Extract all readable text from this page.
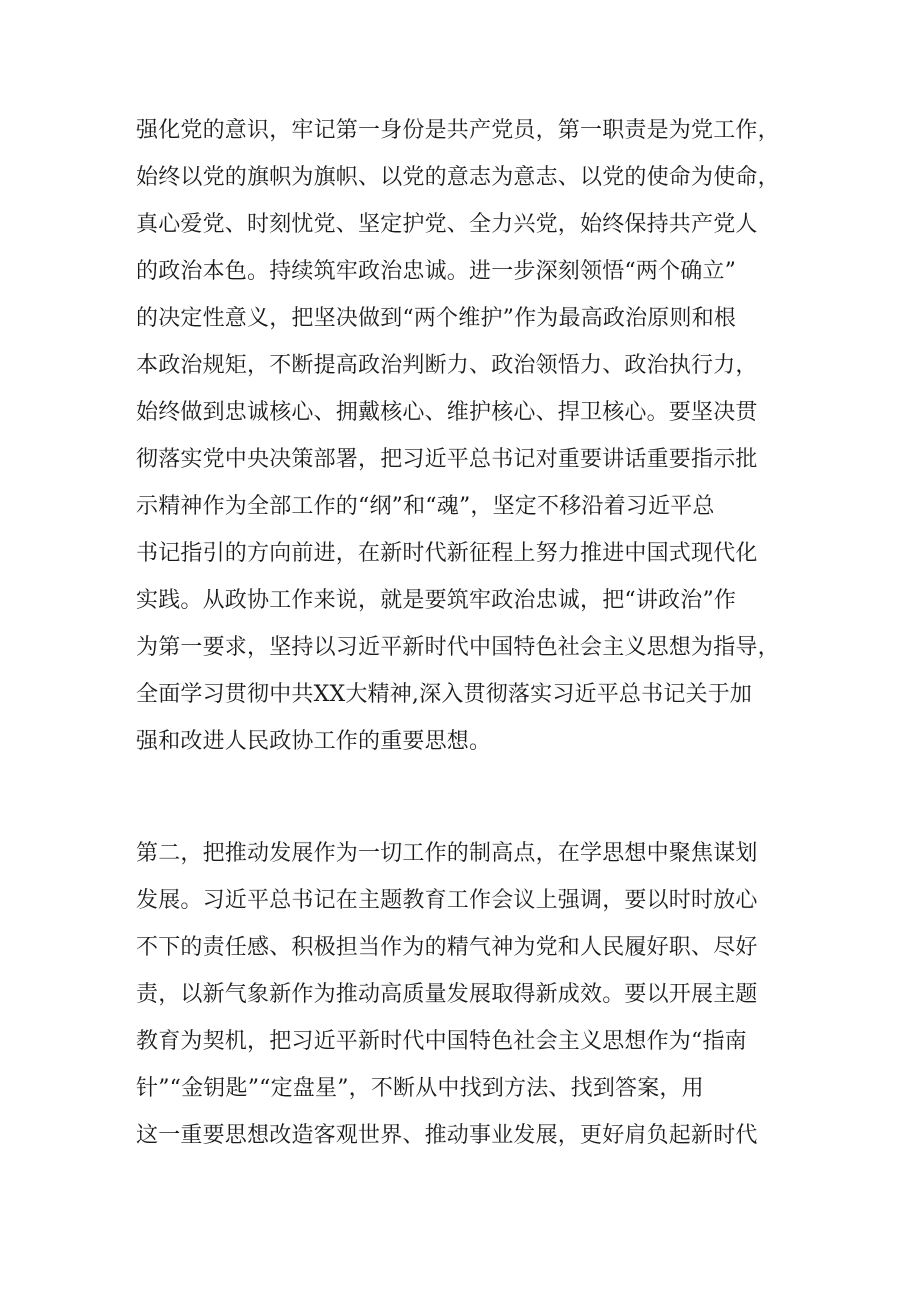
强化党的意识，牢记第一身份是共产党员，第一职责是为党工作，
始终以党的旗帜为旗帜、以党的意志为意志、以党的使命为使命，
真心爱党、时刻忧党、坚定护党、全力兴党，始终保持共产党人
的政治本色。持续筑牢政治忠诚。进一步深刻领悟“两个确立”
的决定性意义，把坚决做到“两个维护”作为最高政治原则和根
本政治规矩，不断提高政治判断力、政治领悟力、政治执行力，
始终做到忠诚核心、拥戴核心、维护核心、捍卫核心。要坚决贯
彻落实党中央决策部署，把习近平总书记对重要讲话重要指示批
示精神作为全部工作的“纲”和“魂”，坚定不移沿着习近平总
书记指引的方向前进，在新时代新征程上努力推进中国式现代化
实践。从政协工作来说，就是要筑牢政治忠诚，把“讲政治”作
为第一要求，坚持以习近平新时代中国特色社会主义思想为指导，
全面学习贯彻中共XX大精神,深入贯彻落实习近平总书记关于加
强和改进人民政协工作的重要思想。
第二，把推动发展作为一切工作的制高点，在学思想中聚焦谋划
发展。习近平总书记在主题教育工作会议上强调，要以时时放心
不下的责任感、积极担当作为的精气神为党和人民履好职、尽好
责，以新气象新作为推动高质量发展取得新成效。要以开展主题
教育为契机，把习近平新时代中国特色社会主义思想作为“指南
针”“金钥匙”“定盘星”，不断从中找到方法、找到答案，用
这一重要思想改造客观世界、推动事业发展，更好肩负起新时代
